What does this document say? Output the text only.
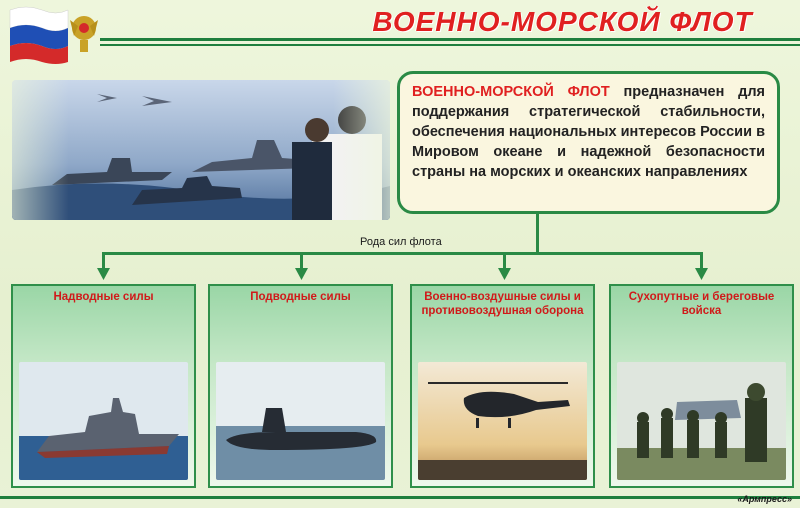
ВОЕННО-МОРСКОЙ ФЛОТ
ВОЕННО-МОРСКОЙ ФЛОТ предназначен для поддержания стратегической стабильности, обеспечения национальных интересов России в Мировом океане и надежной безопасности страны на морских и океанских направлениях
Рода сил флота
Надводные силы	Подводные силы	Военно-воздушные силы и противовоздушная оборона
Сухопутные и береговые войска
«Армпресс»
